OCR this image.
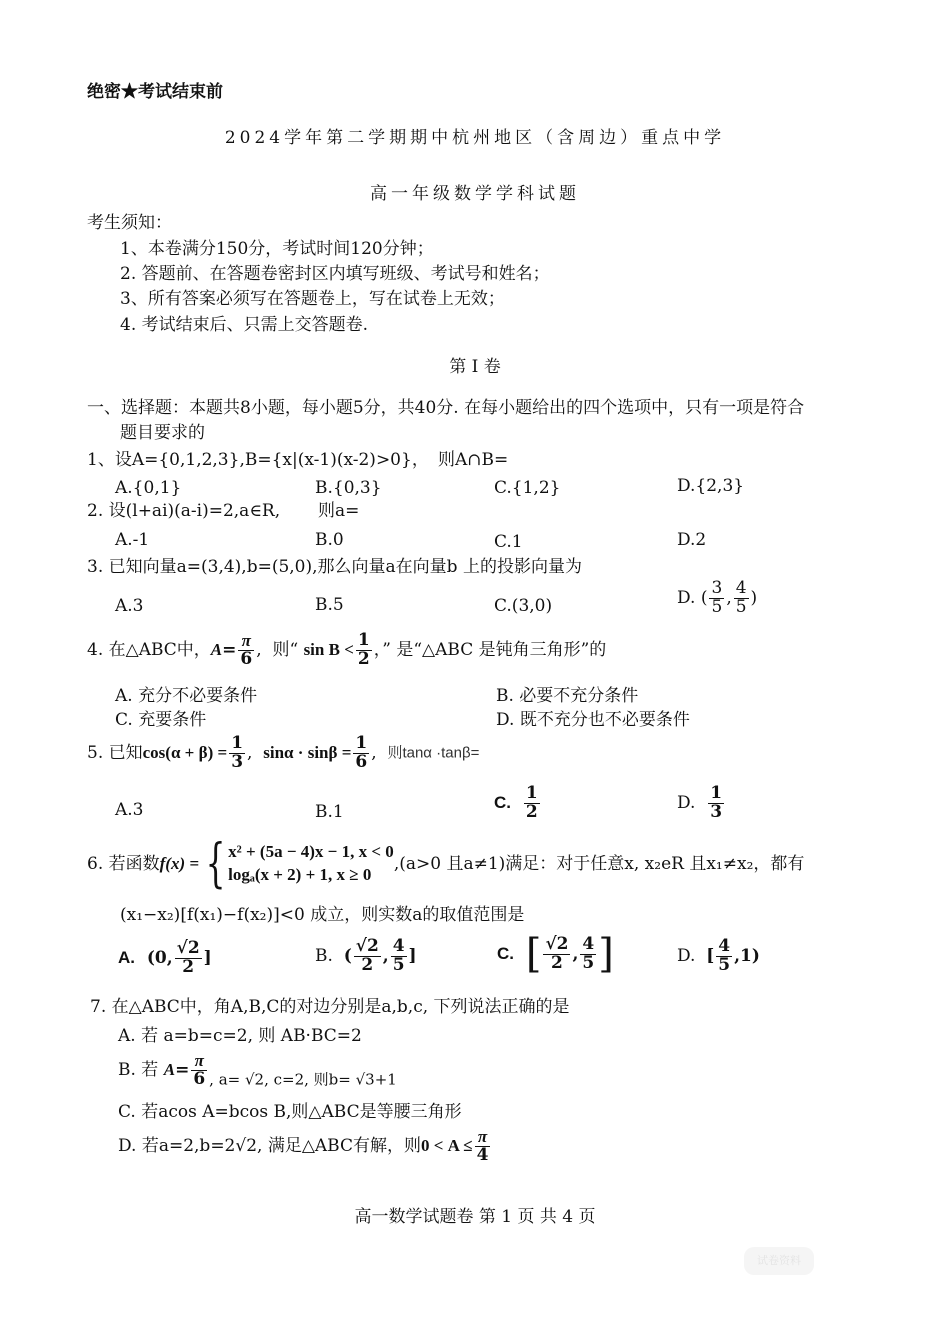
绝密★考试结束前
2024学年第二学期期中杭州地区（含周边）重点中学
高一年级数学学科试题
考生须知：
1、本卷满分150分，考试时间120分钟；
2. 答题前、在答题卷密封区内填写班级、考试号和姓名；
3、所有答案必须写在答题卷上，写在试卷上无效；
4. 考试结束后、只需上交答题卷.
第 I 卷
一、选择题：本题共8小题，每小题5分，共40分. 在每小题给出的四个选项中，只有一项是符合
题目要求的
1、设A={0,1,2,3},B={x|(x-1)(x-2)>0}， 则A∩B=
A.{0,1}	B.{0,3}	C.{1,2}	D.{2,3}
2. 设(l+ai)(a-i)=2,a∈R, 则a=
A.-1	B.0	C.1	D.2
3. 已知向量a=(3,4),b=(5,0),那么向量a在向量b 上的投影向量为
A.3	B.5	C.(3,0)	D. ( $\frac{3}{5}$ , $\frac{4}{5}$ )
4. 在△ABC中，$A= \frac{\pi}{6}$ ,  则“ $\sin B < \frac{1}{2}$ ，” 是“△ABC 是钝角三角形”的
A. 充分不必要条件	B. 必要不充分条件
C. 充要条件	D. 既不充分也不必要条件
5. 已知$\cos(\alpha + \beta) = \frac{1}{3}$ ,  $\sin\alpha \cdot \sin\beta = \frac{1}{6}$ ,  则tanα ·tanβ=
A.3	B.1	C. $\frac{1}{2}$	D. $\frac{1}{3}$
6. 若函数f(x) = { x² + (5a − 4)x − 1, x < 0
logₐ(x + 2) + 1, x ≥ 0
,(a>0 且a≠1)满足：对于任意x, x₂eR 且x₁≠x₂，都有
(x₁−x₂)[f(x₁)−f(x₂)]<0 成立，则实数a的取值范围是
A. (0, $\frac{√2}{2}$ ]	B. ( $\frac{√2}{2}$ , $\frac{4}{5}$ ]	C. [ $\frac{√2}{2}$ , $\frac{4}{5}$ ]	D. [ $\frac{4}{5} ,1$)
7. 在△ABC中，角A,B,C的对边分别是a,b,c, 下列说法正确的是
A. 若 a=b=c=2, 则 AB·BC=2
B. 若 $A= \frac{\pi}{6}$ , a= √2, c=2, 则b= √3+1
C. 若acos A=bcos B,则△ABC是等腰三角形
D. 若a=2,b=2√2, 满足△ABC有解，则$0 < A \le \frac{\pi}{4}$
高一数学试题卷 第 1 页 共 4 页
试卷资料
